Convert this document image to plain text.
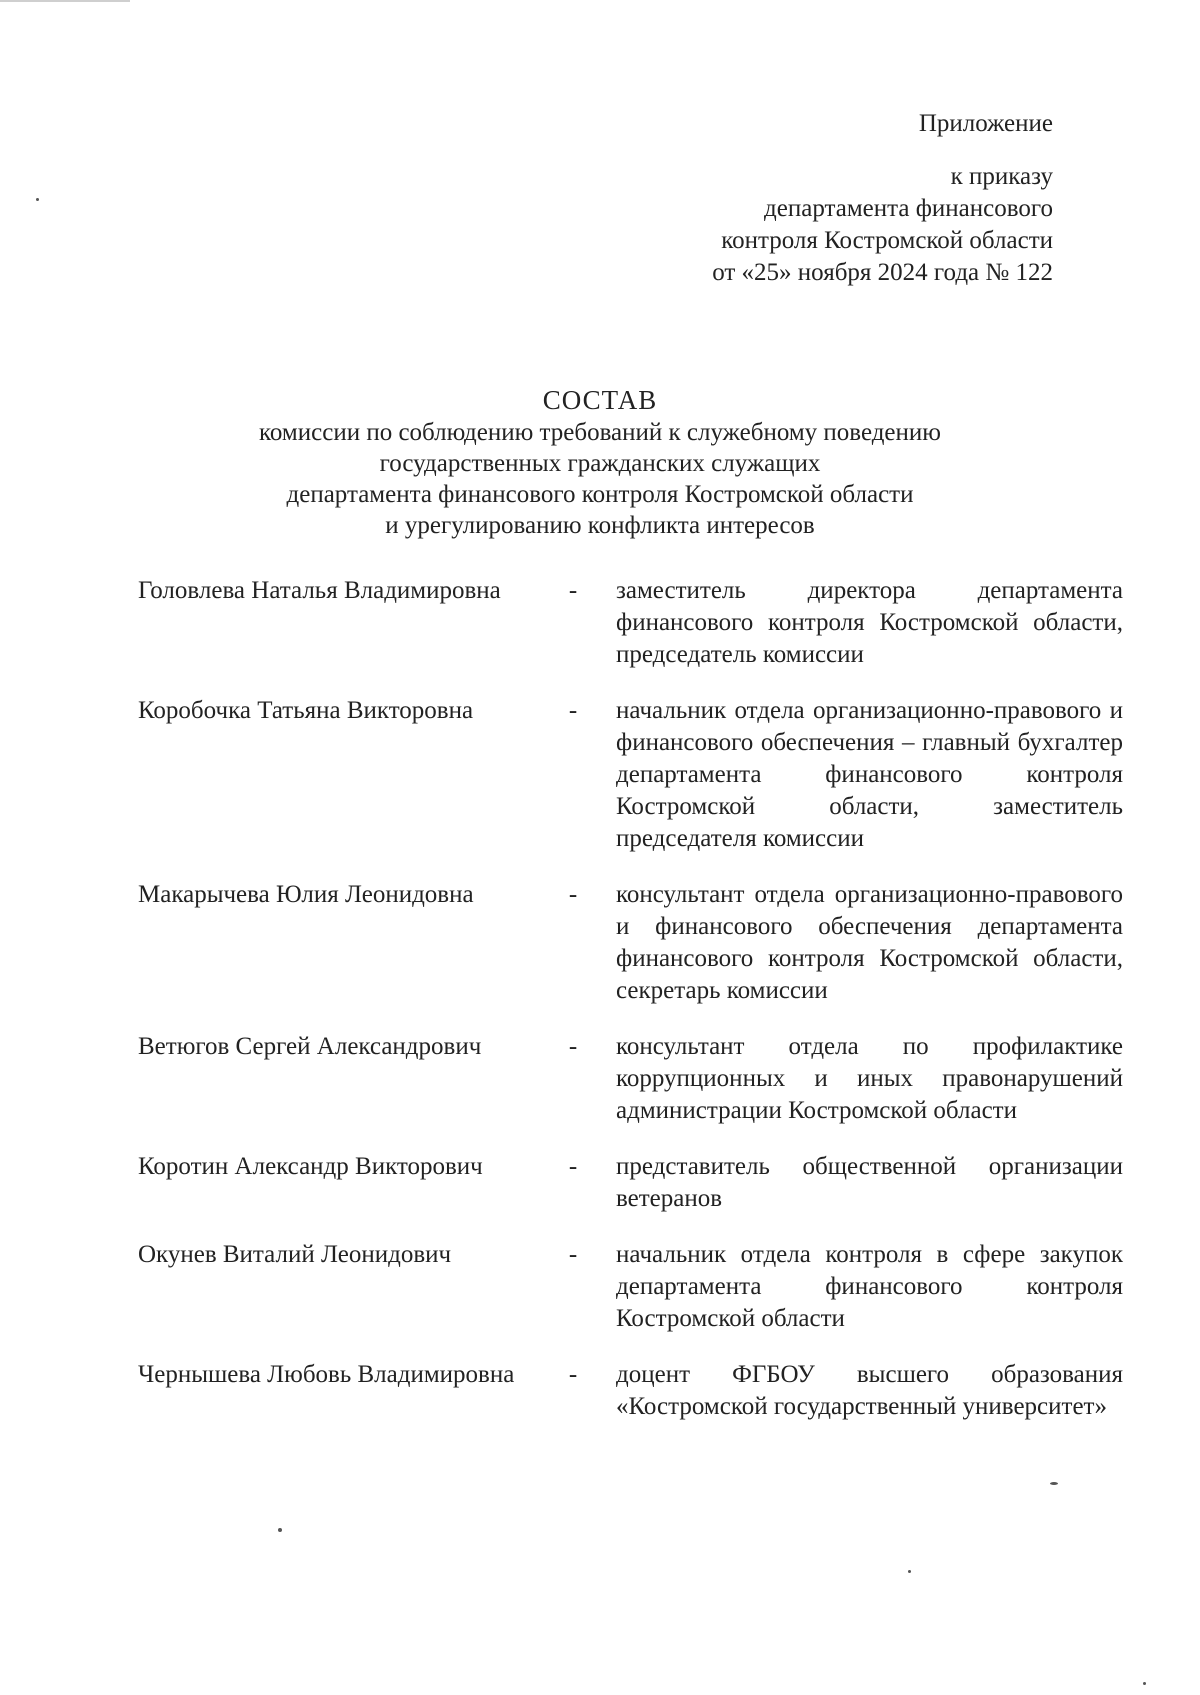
Приложение
к приказу
департамента финансового
контроля Костромской области
от «25» ноября 2024 года № 122
СОСТАВ
комиссии по соблюдению требований к служебному поведению
государственных гражданских служащих
департамента финансового контроля Костромской области
и урегулированию конфликта интересов
Головлева Наталья Владимировна	-	заместитель директора департамента финансового контроля Костромской области, председатель комиссии
Коробочка Татьяна Викторовна	-	начальник отдела организационно-правового и финансового обеспечения – главный бухгалтер департамента финансового контроля Костромской области, заместитель председателя комиссии
Макарычева Юлия Леонидовна	-	консультант отдела организационно-правового и финансового обеспечения департамента финансового контроля Костромской области, секретарь комиссии
Ветюгов Сергей Александрович	-	консультант отдела по профилактике коррупционных и иных правонарушений администрации Костромской области
Коротин Александр Викторович	-	представитель общественной организации ветеранов
Окунев Виталий Леонидович	-	начальник отдела контроля в сфере закупок департамента финансового контроля Костромской области
Чернышева Любовь Владимировна	-	доцент ФГБОУ высшего образования «Костромской государственный университет»
